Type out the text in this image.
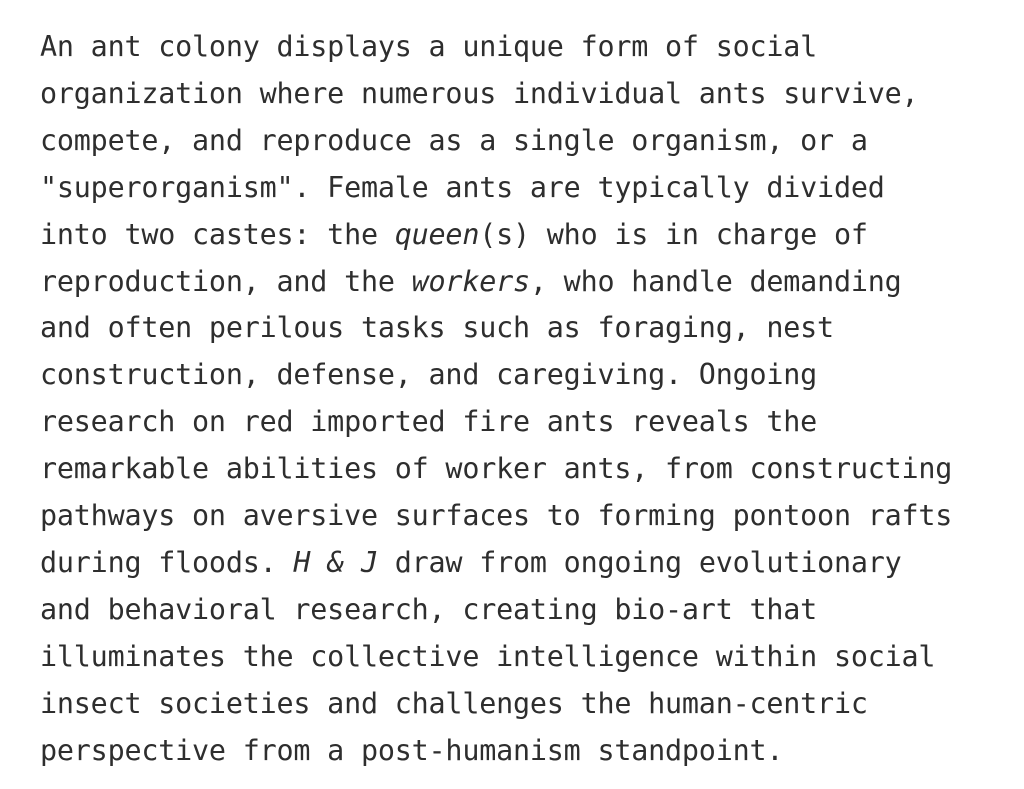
An ant colony displays a unique form of social
organization where numerous individual ants survive,
compete, and reproduce as a single organism, or a
"superorganism". Female ants are typically divided
into two castes: the queen(s) who is in charge of
reproduction, and the workers, who handle demanding
and often perilous tasks such as foraging, nest
construction, defense, and caregiving. Ongoing
research on red imported fire ants reveals the
remarkable abilities of worker ants, from constructing
pathways on aversive surfaces to forming pontoon rafts
during floods. H & J draw from ongoing evolutionary
and behavioral research, creating bio-art that
illuminates the collective intelligence within social
insect societies and challenges the human-centric
perspective from a post-humanism standpoint.
